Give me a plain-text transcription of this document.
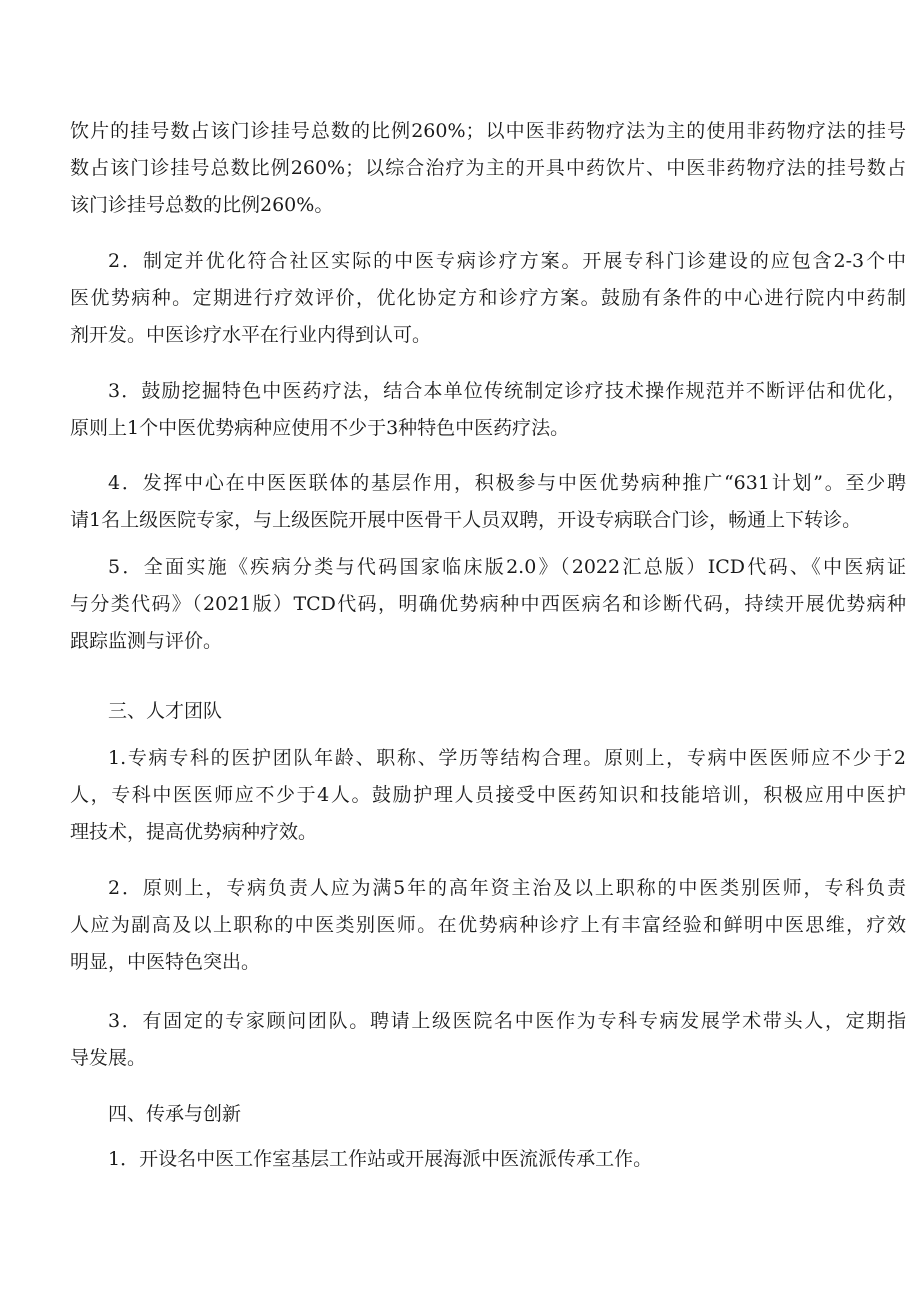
饮片的挂号数占该门诊挂号总数的比例260%；以中医非药物疗法为主的使用非药物疗法的挂号
数占该门诊挂号总数比例260%；以综合治疗为主的开具中药饮片、中医非药物疗法的挂号数占
该门诊挂号总数的比例260%。
2．制定并优化符合社区实际的中医专病诊疗方案。开展专科门诊建设的应包含2-3个中
医优势病种。定期进行疗效评价，优化协定方和诊疗方案。鼓励有条件的中心进行院内中药制
剂开发。中医诊疗水平在行业内得到认可。
3．鼓励挖掘特色中医药疗法，结合本单位传统制定诊疗技术操作规范并不断评估和优化，
原则上1个中医优势病种应使用不少于3种特色中医药疗法。
4．发挥中心在中医医联体的基层作用，积极参与中医优势病种推广“631计划”。至少聘
请1名上级医院专家，与上级医院开展中医骨干人员双聘，开设专病联合门诊，畅通上下转诊。
5．全面实施《疾病分类与代码国家临床版2.0》（2022汇总版）ICD代码、《中医病证
与分类代码》（2021版）TCD代码，明确优势病种中西医病名和诊断代码，持续开展优势病种
跟踪监测与评价。
三、人才团队
1.专病专科的医护团队年龄、职称、学历等结构合理。原则上，专病中医医师应不少于2
人，专科中医医师应不少于4人。鼓励护理人员接受中医药知识和技能培训，积极应用中医护
理技术，提高优势病种疗效。
2．原则上，专病负责人应为满5年的高年资主治及以上职称的中医类别医师，专科负责
人应为副高及以上职称的中医类别医师。在优势病种诊疗上有丰富经验和鲜明中医思维，疗效
明显，中医特色突出。
3．有固定的专家顾问团队。聘请上级医院名中医作为专科专病发展学术带头人，定期指
导发展。
四、传承与创新
1．开设名中医工作室基层工作站或开展海派中医流派传承工作。
